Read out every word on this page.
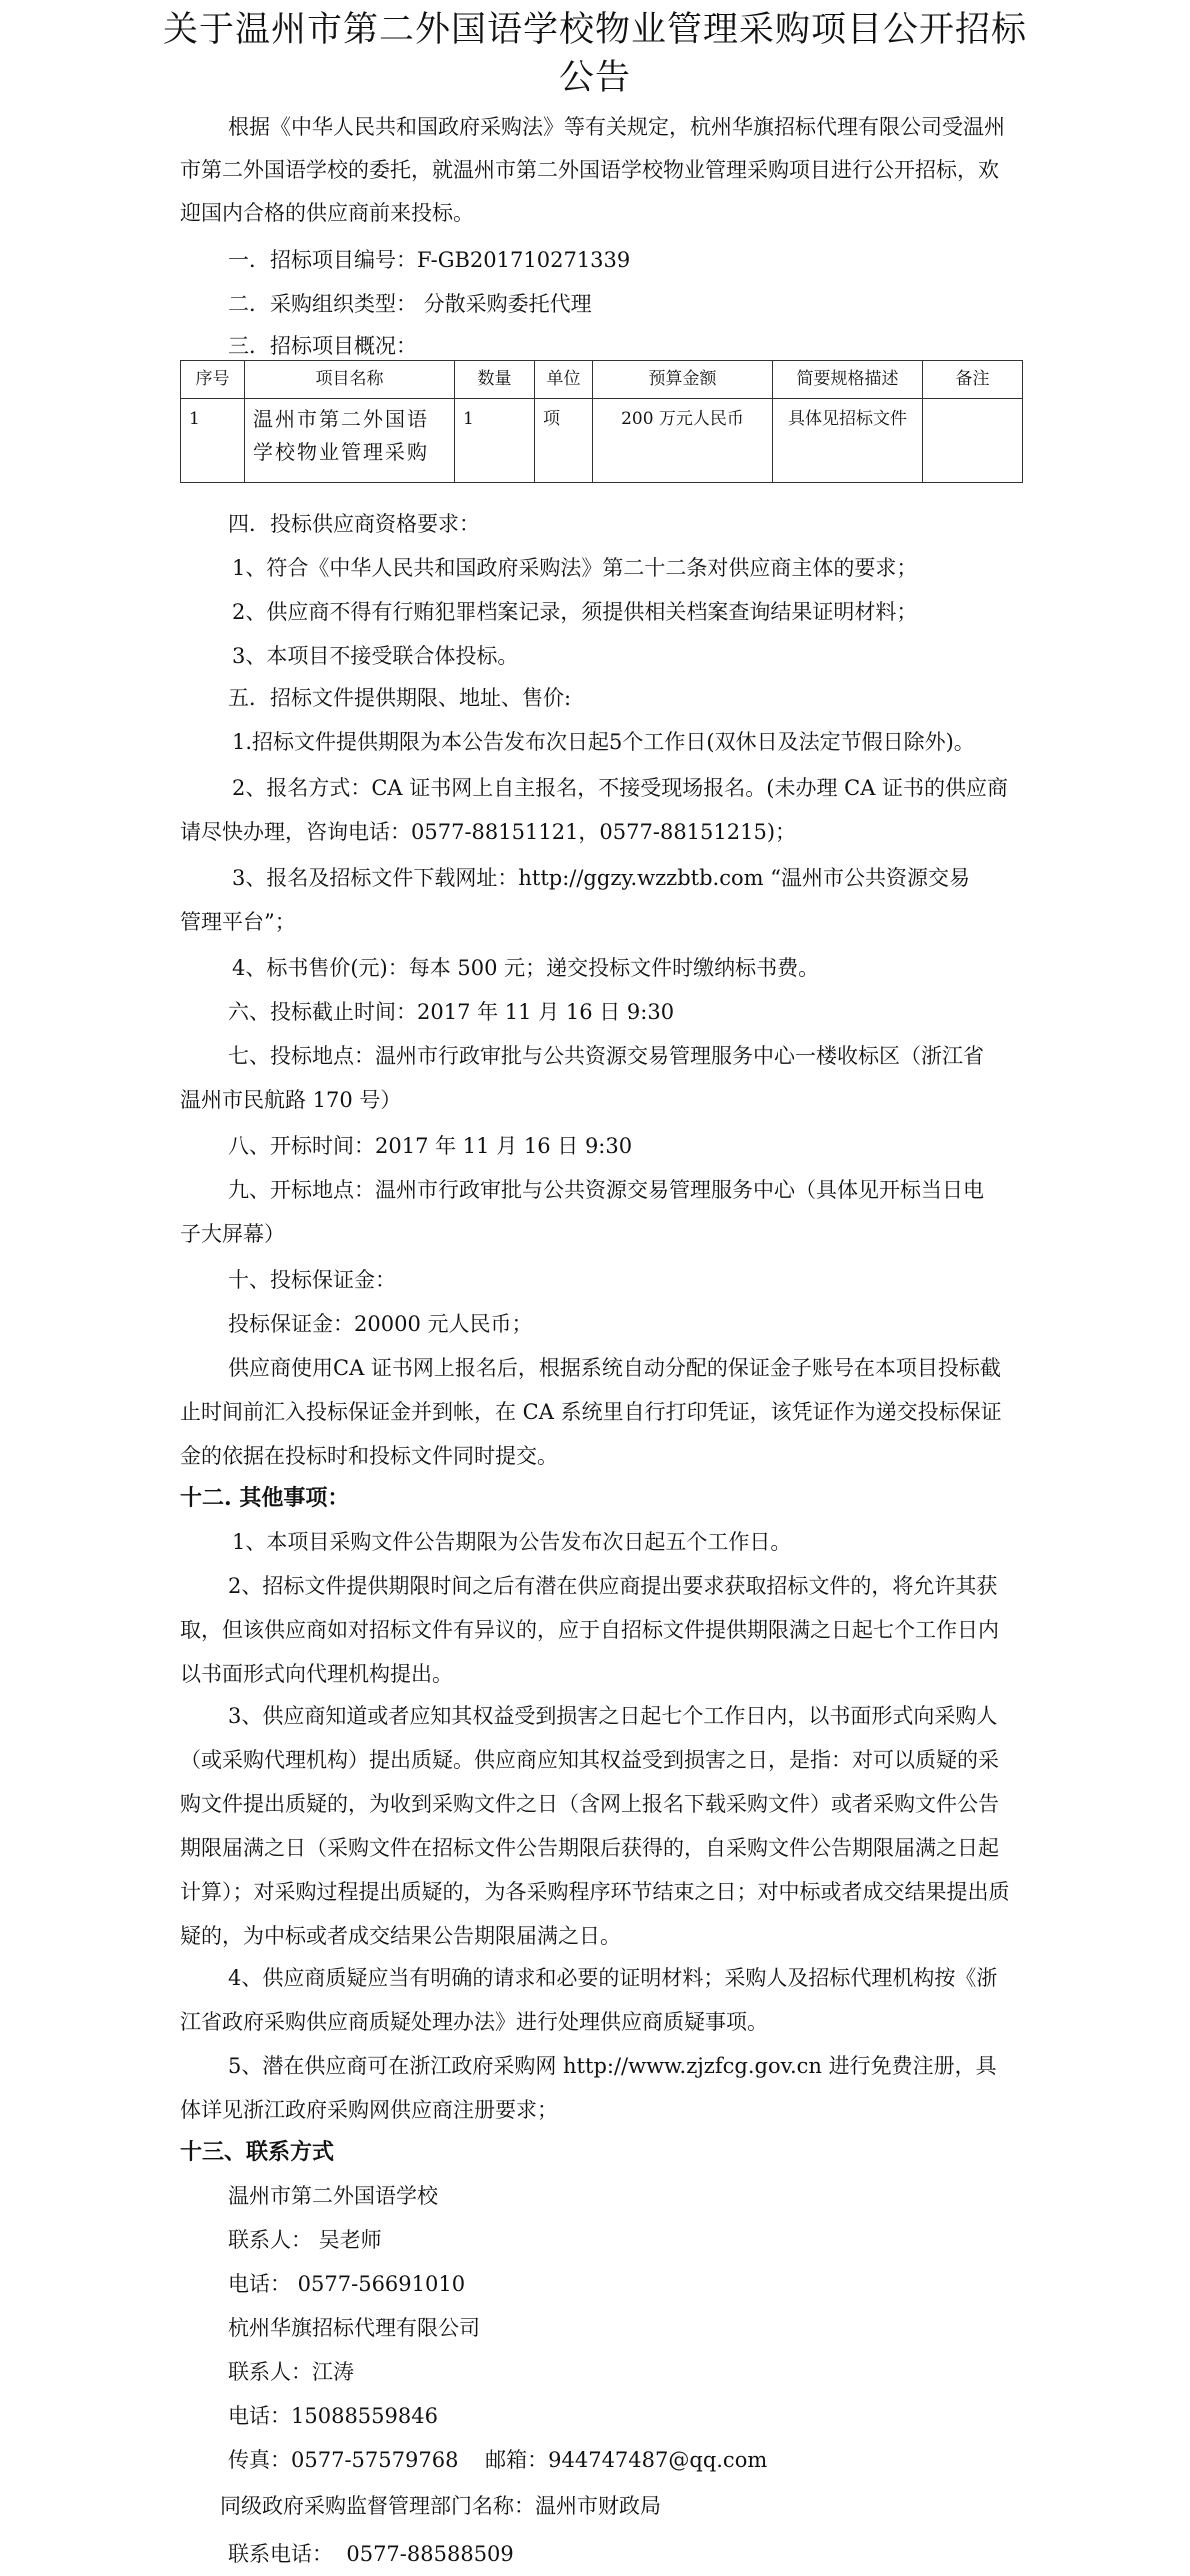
关于温州市第二外国语学校物业管理采购项目公开招标公告

根据《中华人民共和国政府采购法》等有关规定，杭州华旗招标代理有限公司受温州市第二外国语学校的委托，就温州市第二外国语学校物业管理采购项目进行公开招标，欢迎国内合格的供应商前来投标。

一．招标项目编号：F-GB201710271339

二．采购组织类型： 分散采购委托代理

三．招标项目概况：

序号	项目名称	数量	单位	预算金额	简要规格描述	备注
1	温州市第二外国语学校物业管理采购	1	项	200 万元人民币	具体见招标文件	

四．投标供应商资格要求：

1、符合《中华人民共和国政府采购法》第二十二条对供应商主体的要求；

2、供应商不得有行贿犯罪档案记录，须提供相关档案查询结果证明材料；

3、本项目不接受联合体投标。

五．招标文件提供期限、地址、售价:

1.招标文件提供期限为本公告发布次日起5个工作日(双休日及法定节假日除外)。

2、报名方式：CA 证书网上自主报名，不接受现场报名。(未办理 CA 证书的供应商

请尽快办理，咨询电话：0577-88151121，0577-88151215)；

3、报名及招标文件下载网址：http://ggzy.wzzbtb.com “温州市公共资源交易

管理平台”；

4、标书售价(元)：每本 500 元；递交投标文件时缴纳标书费。

六、投标截止时间：2017 年 11 月 16 日 9:30

七、投标地点：温州市行政审批与公共资源交易管理服务中心一楼收标区（浙江省

温州市民航路 170 号）

八、开标时间：2017 年 11 月 16 日 9:30

九、开标地点：温州市行政审批与公共资源交易管理服务中心（具体见开标当日电

子大屏幕）

十、投标保证金：

投标保证金：20000 元人民币；

供应商使用CA 证书网上报名后，根据系统自动分配的保证金子账号在本项目投标截止时间前汇入投标保证金并到帐，在 CA 系统里自行打印凭证，该凭证作为递交投标保证金的依据在投标时和投标文件同时提交。

十二. 其他事项：

1、本项目采购文件公告期限为公告发布次日起五个工作日。

2、招标文件提供期限时间之后有潜在供应商提出要求获取招标文件的，将允许其获取，但该供应商如对招标文件有异议的，应于自招标文件提供期限满之日起七个工作日内以书面形式向代理机构提出。

3、供应商知道或者应知其权益受到损害之日起七个工作日内，以书面形式向采购人（或采购代理机构）提出质疑。供应商应知其权益受到损害之日，是指：对可以质疑的采购文件提出质疑的，为收到采购文件之日（含网上报名下载采购文件）或者采购文件公告期限届满之日（采购文件在招标文件公告期限后获得的，自采购文件公告期限届满之日起计算）；对采购过程提出质疑的，为各采购程序环节结束之日；对中标或者成交结果提出质疑的，为中标或者成交结果公告期限届满之日。

4、供应商质疑应当有明确的请求和必要的证明材料；采购人及招标代理机构按《浙江省政府采购供应商质疑处理办法》进行处理供应商质疑事项。

5、潜在供应商可在浙江政府采购网 http://www.zjzfcg.gov.cn 进行免费注册，具体详见浙江政府采购网供应商注册要求；

十三、联系方式

温州市第二外国语学校

联系人： 吴老师

电话： 0577-56691010

杭州华旗招标代理有限公司

联系人：江涛

电话：15088559846

传真：0577-57579768    邮箱：944747487@qq.com

同级政府采购监督管理部门名称：温州市财政局

联系电话：  0577-88588509
